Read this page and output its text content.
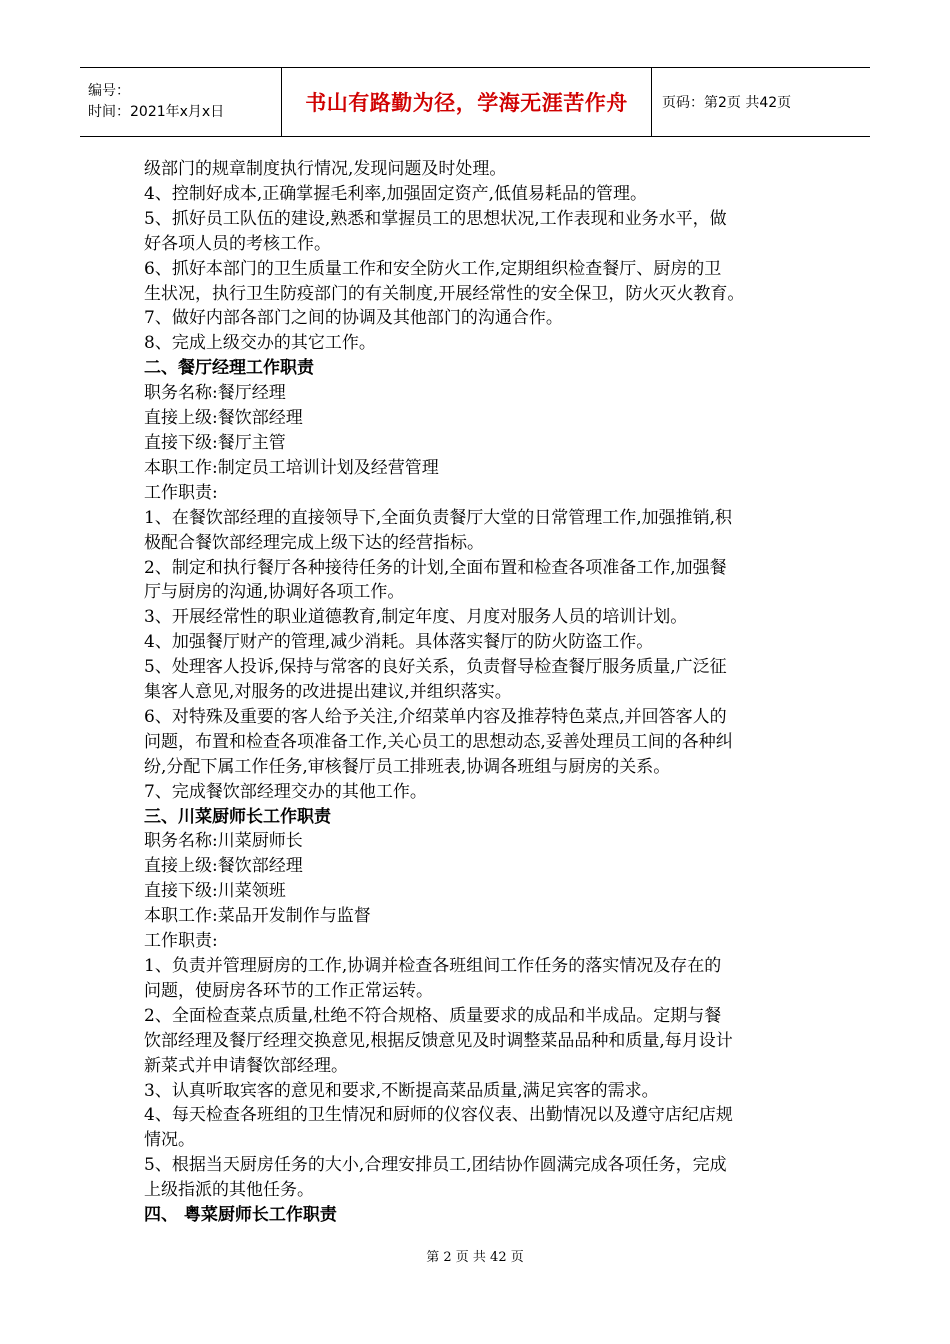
编号：
时间：2021年x月x日	书山有路勤为径，学海无涯苦作舟 页码：第2页 共42页

级部门的规章制度执行情况,发现问题及时处理。

4、控制好成本,正确掌握毛利率,加强固定资产,低值易耗品的管理。

5、抓好员工队伍的建设,熟悉和掌握员工的思想状况,工作表现和业务水平，做

好各项人员的考核工作。

6、抓好本部门的卫生质量工作和安全防火工作,定期组织检查餐厅、厨房的卫

生状况，执行卫生防疫部门的有关制度,开展经常性的安全保卫，防火灭火教育。

7、做好内部各部门之间的协调及其他部门的沟通合作。

8、完成上级交办的其它工作。

二、餐厅经理工作职责

职务名称:餐厅经理

直接上级:餐饮部经理

直接下级:餐厅主管

本职工作:制定员工培训计划及经营管理

工作职责:

1、在餐饮部经理的直接领导下,全面负责餐厅大堂的日常管理工作,加强推销,积

极配合餐饮部经理完成上级下达的经营指标。

2、制定和执行餐厅各种接待任务的计划,全面布置和检查各项准备工作,加强餐

厅与厨房的沟通,协调好各项工作。

3、开展经常性的职业道德教育,制定年度、月度对服务人员的培训计划。

4、加强餐厅财产的管理,减少消耗。具体落实餐厅的防火防盗工作。

5、处理客人投诉,保持与常客的良好关系，负责督导检查餐厅服务质量,广泛征

集客人意见,对服务的改进提出建议,并组织落实。

6、对特殊及重要的客人给予关注,介绍菜单内容及推荐特色菜点,并回答客人的

问题，布置和检查各项准备工作,关心员工的思想动态,妥善处理员工间的各种纠

纷,分配下属工作任务,审核餐厅员工排班表,协调各班组与厨房的关系。

7、完成餐饮部经理交办的其他工作。

三、川菜厨师长工作职责

职务名称:川菜厨师长

直接上级:餐饮部经理

直接下级:川菜领班

本职工作:菜品开发制作与监督

工作职责:

1、负责并管理厨房的工作,协调并检查各班组间工作任务的落实情况及存在的

问题，使厨房各环节的工作正常运转。

2、全面检查菜点质量,杜绝不符合规格、质量要求的成品和半成品。定期与餐

饮部经理及餐厅经理交换意见,根据反馈意见及时调整菜品品种和质量,每月设计

新菜式并申请餐饮部经理。

3、认真听取宾客的意见和要求,不断提高菜品质量,满足宾客的需求。

4、每天检查各班组的卫生情况和厨师的仪容仪表、出勤情况以及遵守店纪店规

情况。

5、根据当天厨房任务的大小,合理安排员工,团结协作圆满完成各项任务，完成

上级指派的其他任务。

四、 粤菜厨师长工作职责

第 2 页 共 42 页
